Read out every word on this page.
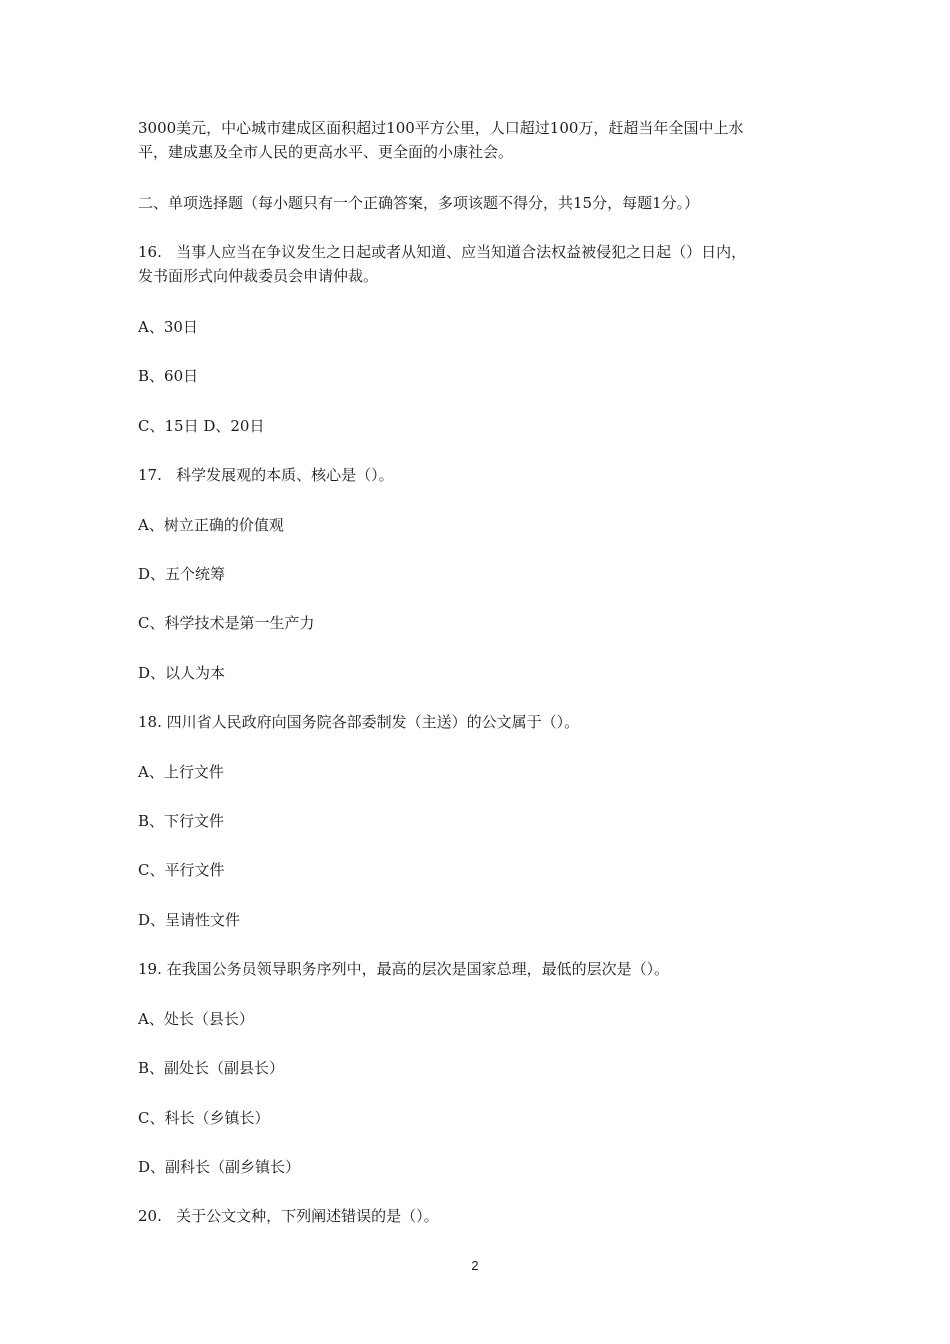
3000美元，中心城市建成区面积超过100平方公里，人口超过100万，赶超当年全国中上水
平，建成惠及全市人民的更高水平、更全面的小康社会。

二、单项选择题（每小题只有一个正确答案，多项该题不得分，共15分，每题1分。）

16. 当事人应当在争议发生之日起或者从知道、应当知道合法权益被侵犯之日起（）日内，
发书面形式向仲裁委员会申请仲裁。

A、30日

B、60日

C、15日 D、20日

17. 科学发展观的本质、核心是（）。

A、树立正确的价值观

D、五个统筹

C、科学技术是第一生产力

D、以人为本

18. 四川省人民政府向国务院各部委制发（主送）的公文属于（）。

A、上行文件

B、下行文件

C、平行文件

D、呈请性文件

19. 在我国公务员领导职务序列中，最高的层次是国家总理，最低的层次是（）。

A、处长（县长）

B、副处长（副县长）

C、科长（乡镇长）

D、副科长（副乡镇长）

20. 关于公文文种，下列阐述错误的是（）。

2
